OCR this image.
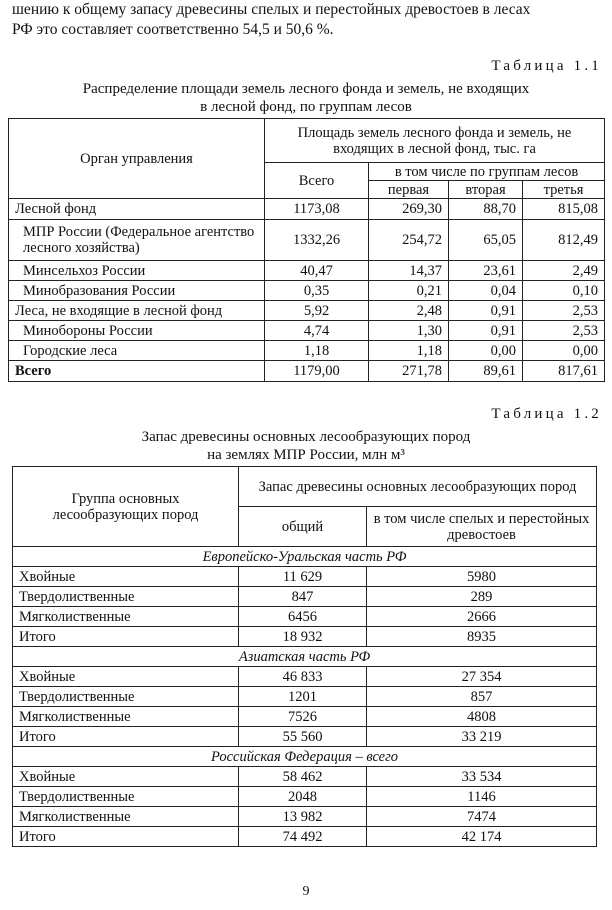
шению к общему запасу древесины спелых и перестойных древостоев в лесах
РФ это составляет соответственно 54,5 и 50,6 %.
Таблица 1.1
Распределение площади земель лесного фонда и земель, не входящих
в лесной фонд, по группам лесов
Орган управления	Площадь земель лесного фонда и земель, не входящих в лесной фонд, тыс. га			
	Всего	в том числе по группам лесов		
		первая	вторая	третья
Лесной фонд	1173,08	269,30	88,70	815,08
МПР России (Федеральное агентство лесного хозяйства)	1332,26	254,72	65,05	812,49
Минсельхоз России	40,47	14,37	23,61	2,49
Минобразования России	0,35	0,21	0,04	0,10
Леса, не входящие в лесной фонд	5,92	2,48	0,91	2,53
Минобороны России	4,74	1,30	0,91	2,53
Городские леса	1,18	1,18	0,00	0,00
Всего	1179,00	271,78	89,61	817,61
Таблица 1.2
Запас древесины основных лесообразующих пород
на землях МПР России, млн м³
Группа основных лесообразующих пород	Запас древесины основных лесообразующих пород	
	общий	в том числе спелых и перестойных древостоев
Европейско-Уральская часть РФ		
Хвойные	11 629	5980
Твердолиственные	847	289
Мягколиственные	6456	2666
Итого	18 932	8935
Азиатская часть РФ		
Хвойные	46 833	27 354
Твердолиственные	1201	857
Мягколиственные	7526	4808
Итого	55 560	33 219
Российская Федерация – всего		
Хвойные	58 462	33 534
Твердолиственные	2048	1146
Мягколиственные	13 982	7474
Итого	74 492	42 174
9
